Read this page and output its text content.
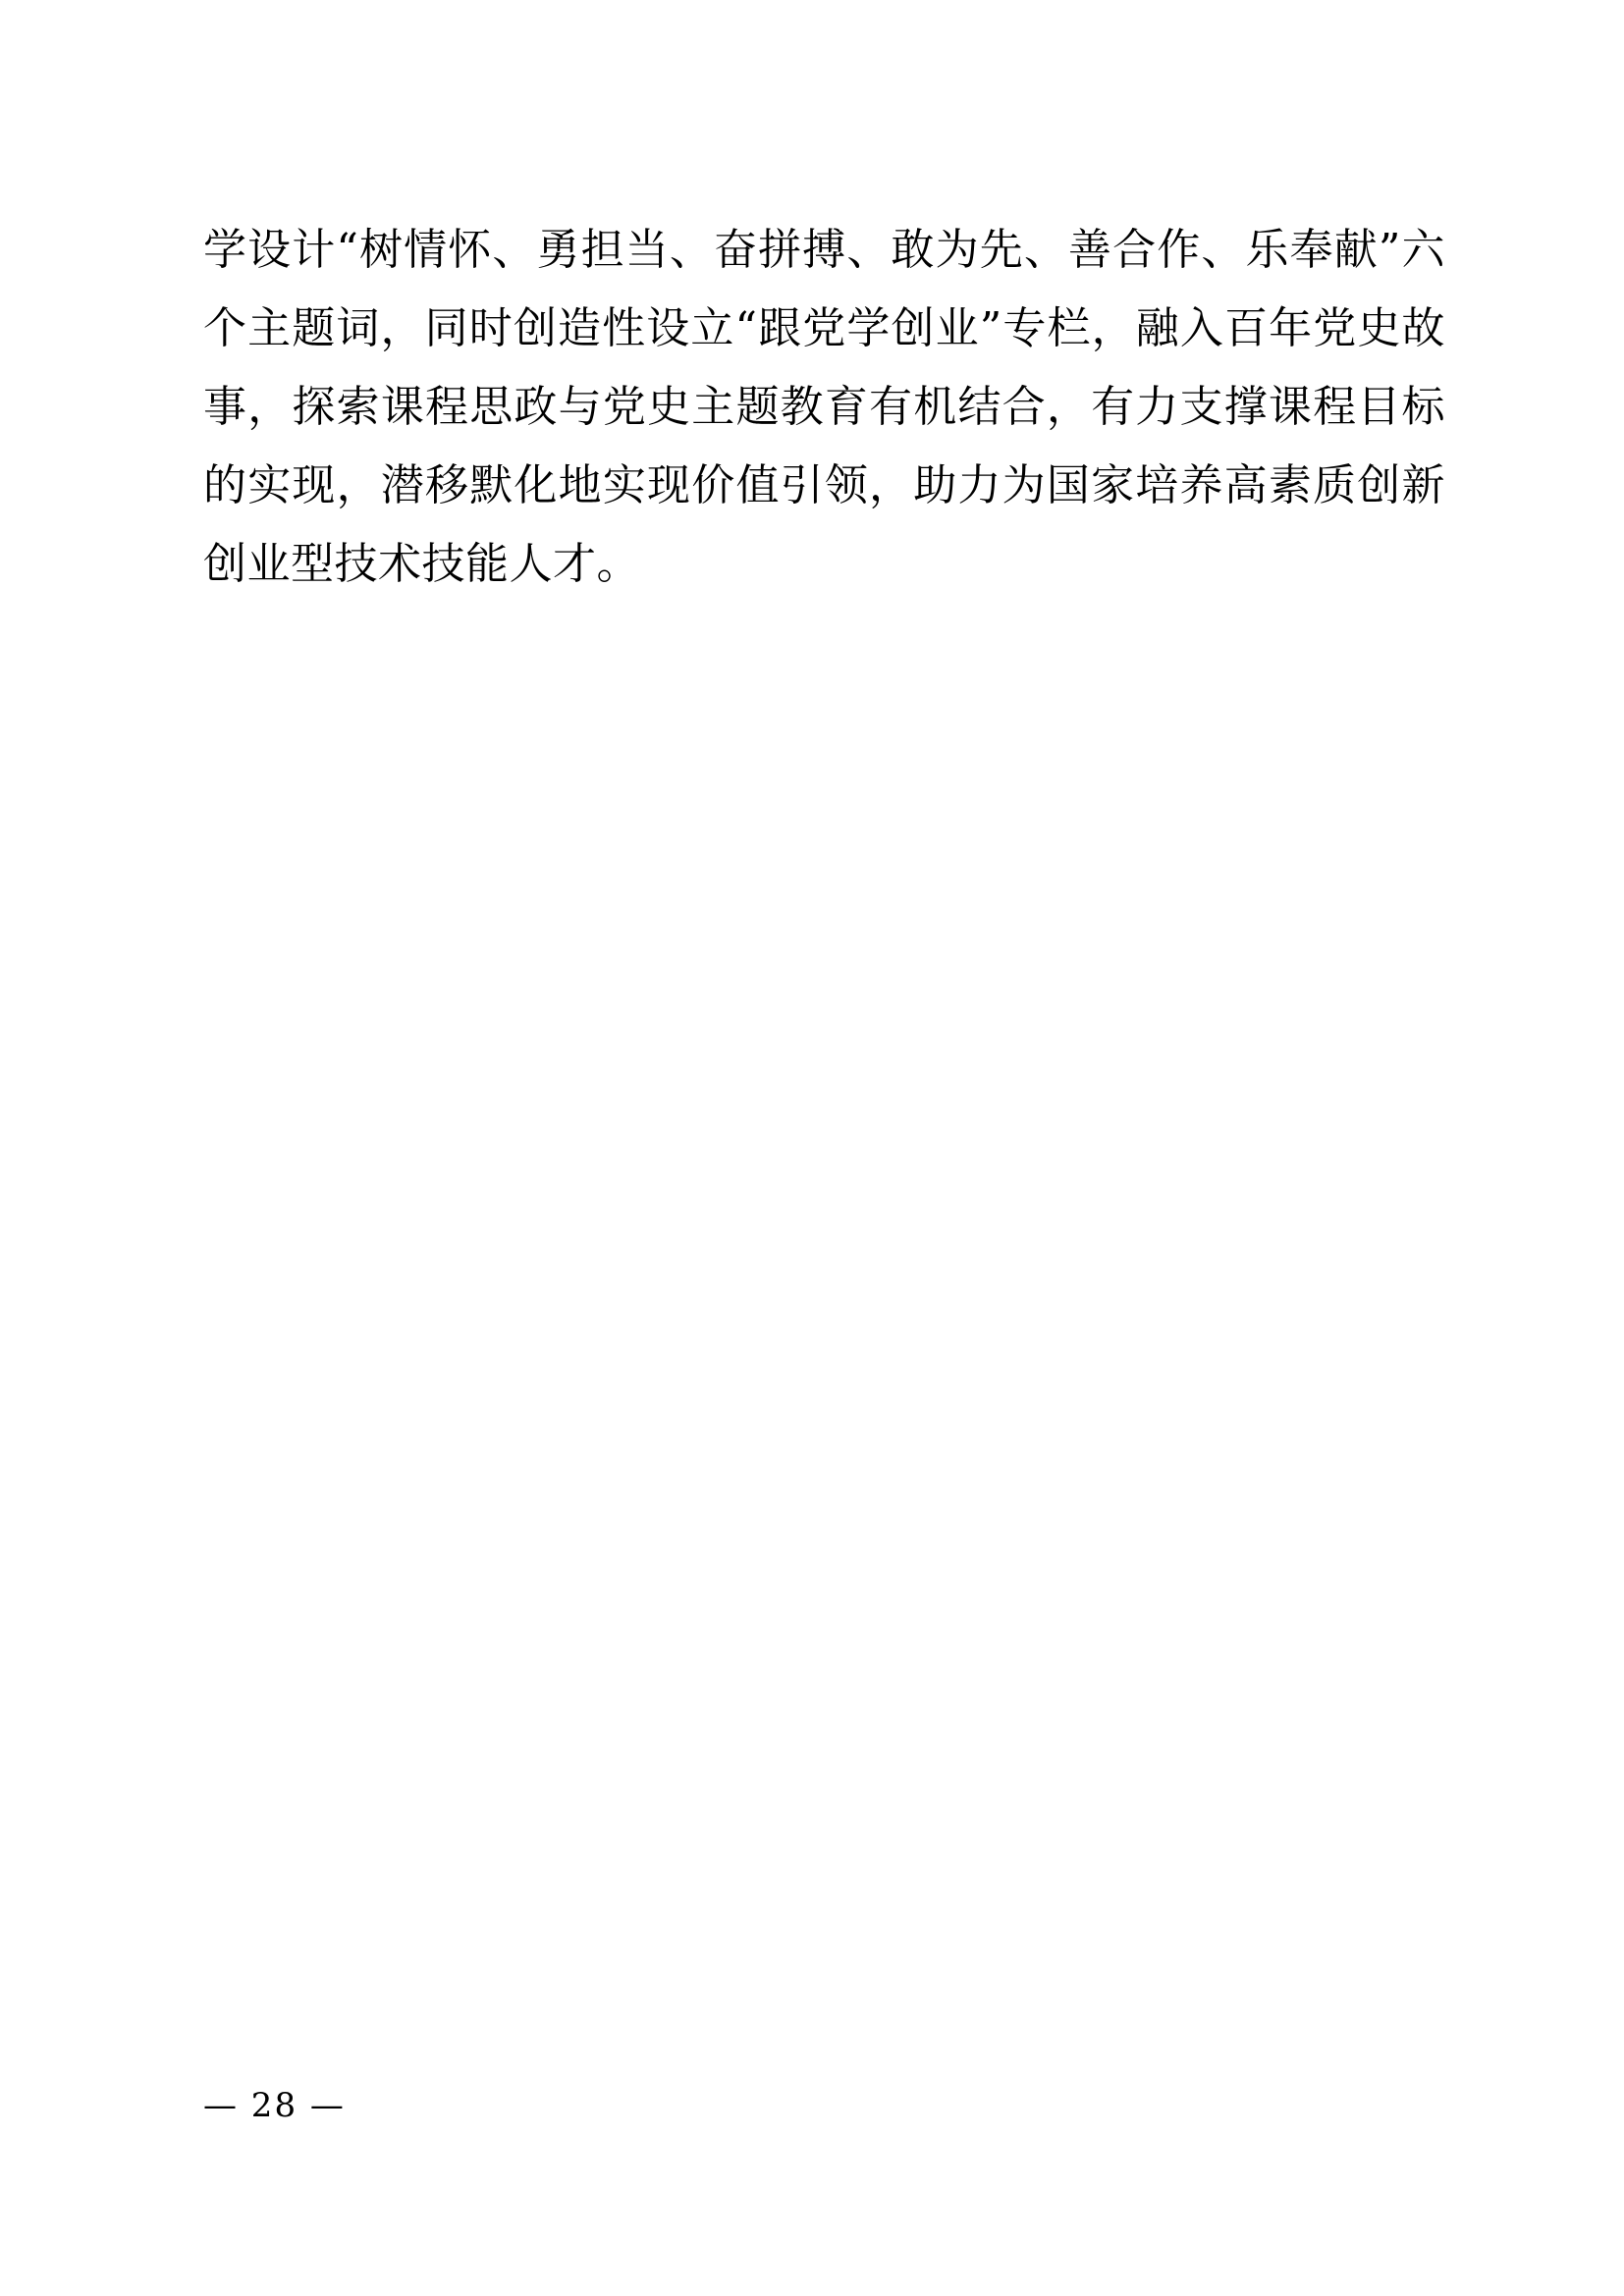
学设计“树情怀、勇担当、奋拼搏、敢为先、善合作、乐奉献”六个主题词，同时创造性设立“跟党学创业”专栏，融入百年党史故事，探索课程思政与党史主题教育有机结合，有力支撑课程目标的实现，潜移默化地实现价值引领，助力为国家培养高素质创新创业型技术技能人才。
— 28 —
